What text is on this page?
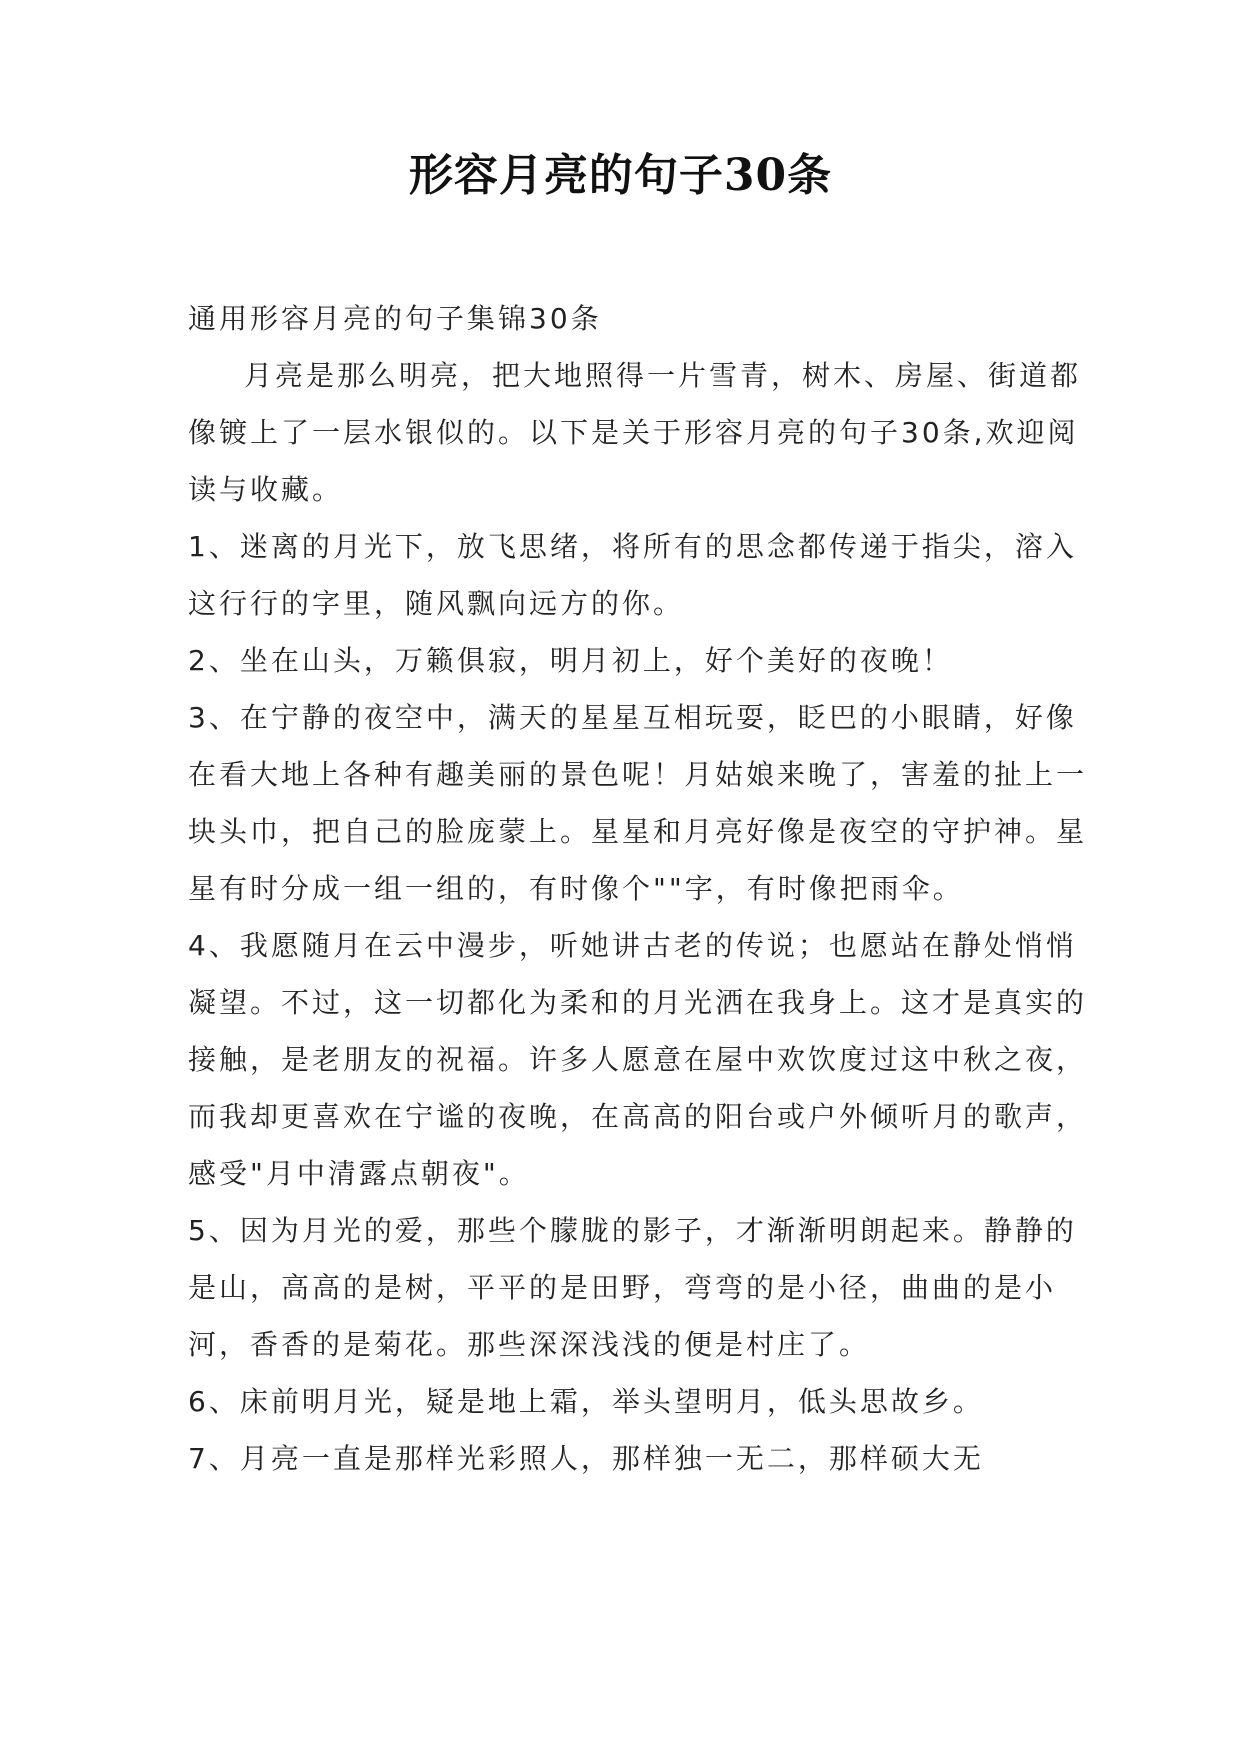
形容月亮的句子30条

通用形容月亮的句子集锦30条

月亮是那么明亮，把大地照得一片雪青，树木、房屋、街道都像镀上了一层水银似的。以下是关于形容月亮的句子30条,欢迎阅读与收藏。

1、迷离的月光下，放飞思绪，将所有的思念都传递于指尖，溶入这行行的字里，随风飘向远方的你。

2、坐在山头，万籁俱寂，明月初上，好个美好的夜晚！

3、在宁静的夜空中，满天的星星互相玩耍，眨巴的小眼睛，好像在看大地上各种有趣美丽的景色呢！月姑娘来晚了，害羞的扯上一块头巾，把自己的脸庞蒙上。星星和月亮好像是夜空的守护神。星星有时分成一组一组的，有时像个""字，有时像把雨伞。

4、我愿随月在云中漫步，听她讲古老的传说；也愿站在静处悄悄凝望。不过，这一切都化为柔和的月光洒在我身上。这才是真实的接触，是老朋友的祝福。许多人愿意在屋中欢饮度过这中秋之夜，而我却更喜欢在宁谧的夜晚，在高高的阳台或户外倾听月的歌声，感受"月中清露点朝夜"。

5、因为月光的爱，那些个朦胧的影子，才渐渐明朗起来。静静的是山，高高的是树，平平的是田野，弯弯的是小径，曲曲的是小河，香香的是菊花。那些深深浅浅的便是村庄了。

6、床前明月光，疑是地上霜，举头望明月，低头思故乡。

7、月亮一直是那样光彩照人，那样独一无二，那样硕大无
